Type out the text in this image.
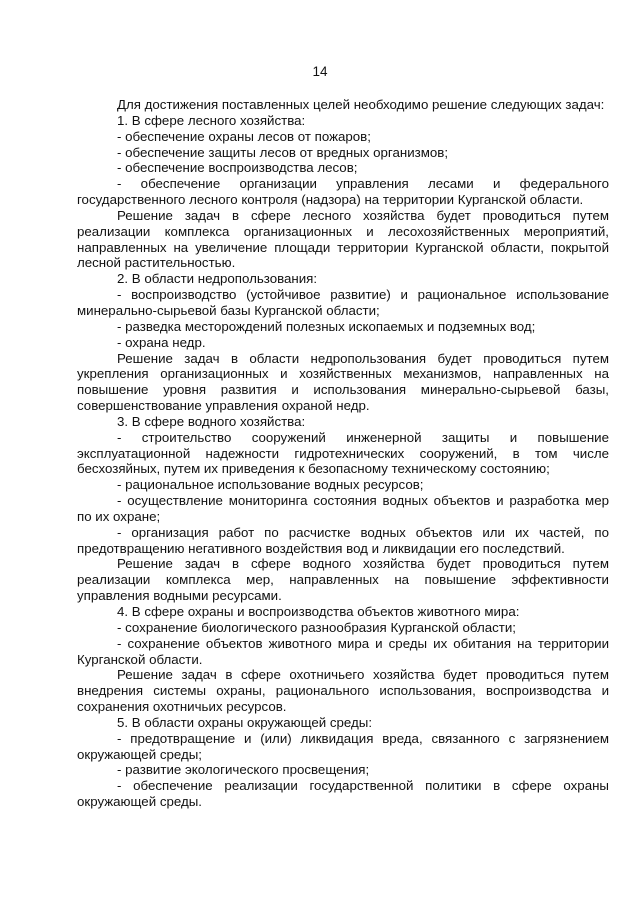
14

Для достижения поставленных целей необходимо решение следующих задач:

1. В сфере лесного хозяйства:

- обеспечение охраны лесов от пожаров;

- обеспечение защиты лесов от вредных организмов;

- обеспечение воспроизводства лесов;

- обеспечение организации управления лесами и федерального государственного лесного контроля (надзора) на территории Курганской области.

Решение задач в сфере лесного хозяйства будет проводиться путем реализации комплекса организационных и лесохозяйственных мероприятий, направленных на увеличение площади территории Курганской области, покрытой лесной растительностью.

2. В области недропользования:

- воспроизводство (устойчивое развитие) и рациональное использование минерально-сырьевой базы Курганской области;

- разведка месторождений полезных ископаемых и подземных вод;

- охрана недр.

Решение задач в области недропользования будет проводиться путем укрепления организационных и хозяйственных механизмов, направленных на повышение уровня развития и использования минерально-сырьевой базы, совершенствование управления охраной недр.

3. В сфере водного хозяйства:

- строительство сооружений инженерной защиты и повышение эксплуатационной надежности гидротехнических сооружений, в том числе бесхозяйных, путем их приведения к безопасному техническому состоянию;

- рациональное использование водных ресурсов;

- осуществление мониторинга состояния водных объектов и разработка мер по их охране;

- организация работ по расчистке водных объектов или их частей, по предотвращению негативного воздействия вод и ликвидации его последствий.

Решение задач в сфере водного хозяйства будет проводиться путем реализации комплекса мер, направленных на повышение эффективности управления водными ресурсами.

4. В сфере охраны и воспроизводства объектов животного мира:

- сохранение биологического разнообразия Курганской области;

- сохранение объектов животного мира и среды их обитания на территории Курганской области.

Решение задач в сфере охотничьего хозяйства будет проводиться путем внедрения системы охраны, рационального использования, воспроизводства и сохранения охотничьих ресурсов.

5. В области охраны окружающей среды:

- предотвращение и (или) ликвидация вреда, связанного с загрязнением окружающей среды;

- развитие экологического просвещения;

- обеспечение реализации государственной политики в сфере охраны окружающей среды.
